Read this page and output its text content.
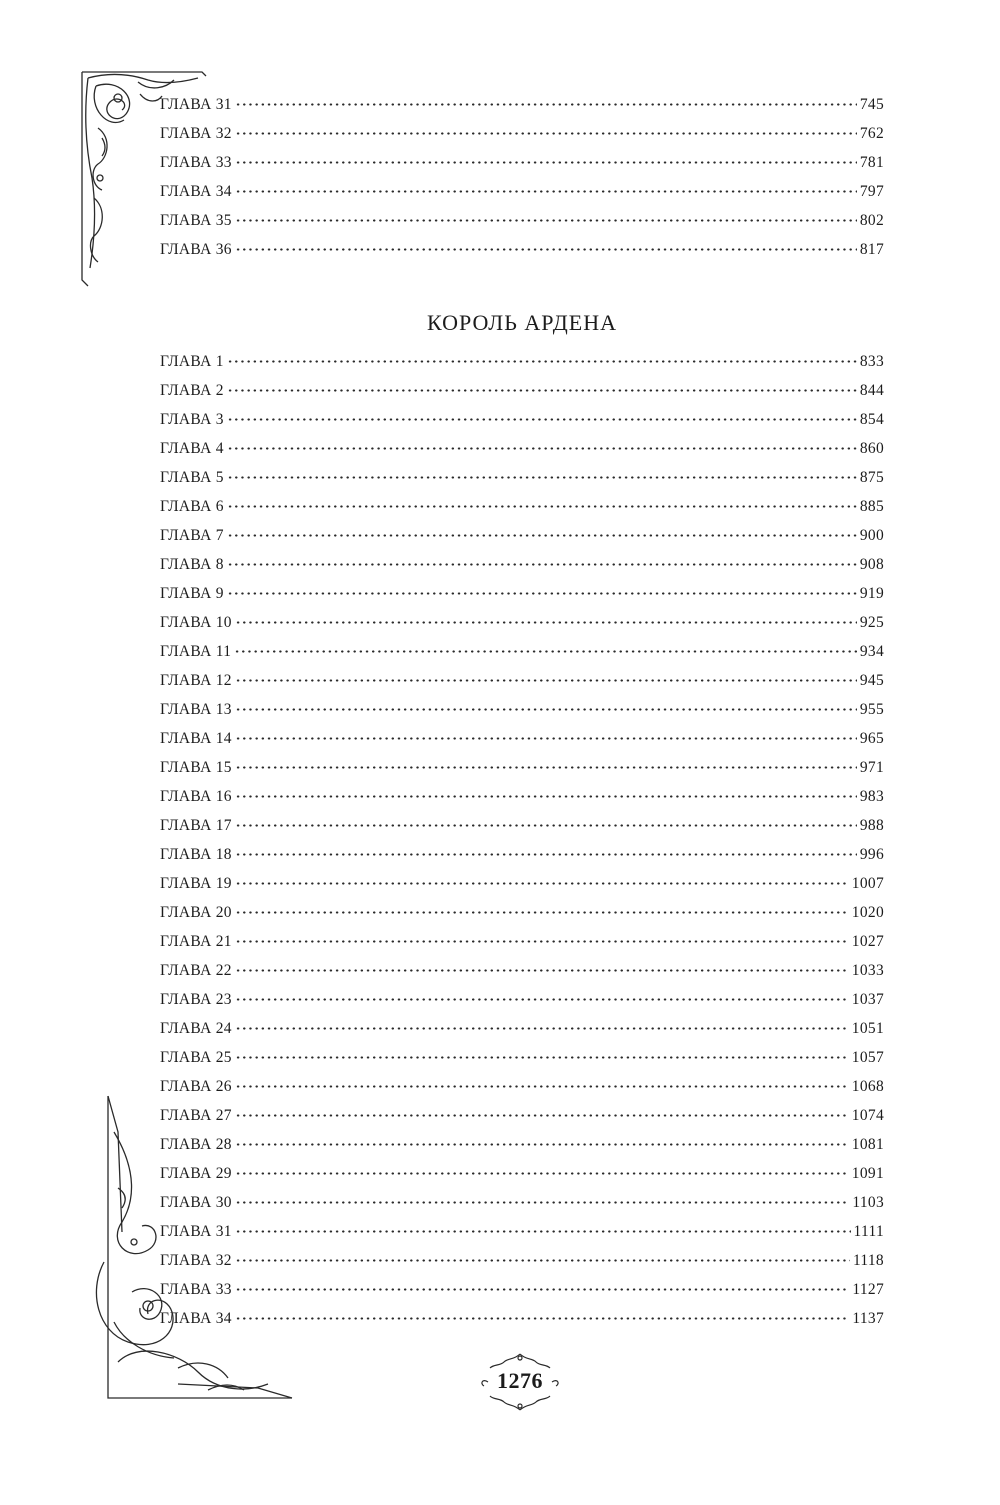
ГЛАВА 31	745
ГЛАВА 32	762
ГЛАВА 33	781
ГЛАВА 34	797
ГЛАВА 35	802
ГЛАВА 36	817
КОРОЛЬ АРДЕНА
ГЛАВА 1	833
ГЛАВА 2	844
ГЛАВА 3	854
ГЛАВА 4	860
ГЛАВА 5	875
ГЛАВА 6	885
ГЛАВА 7	900
ГЛАВА 8	908
ГЛАВА 9	919
ГЛАВА 10	925
ГЛАВА 11	934
ГЛАВА 12	945
ГЛАВА 13	955
ГЛАВА 14	965
ГЛАВА 15	971
ГЛАВА 16	983
ГЛАВА 17	988
ГЛАВА 18	996
ГЛАВА 19	1007
ГЛАВА 20	1020
ГЛАВА 21	1027
ГЛАВА 22	1033
ГЛАВА 23	1037
ГЛАВА 24	1051
ГЛАВА 25	1057
ГЛАВА 26	1068
ГЛАВА 27	1074
ГЛАВА 28	1081
ГЛАВА 29	1091
ГЛАВА 30	1103
ГЛАВА 31	1111
ГЛАВА 32	1118
ГЛАВА 33	1127
ГЛАВА 34	1137
1276
